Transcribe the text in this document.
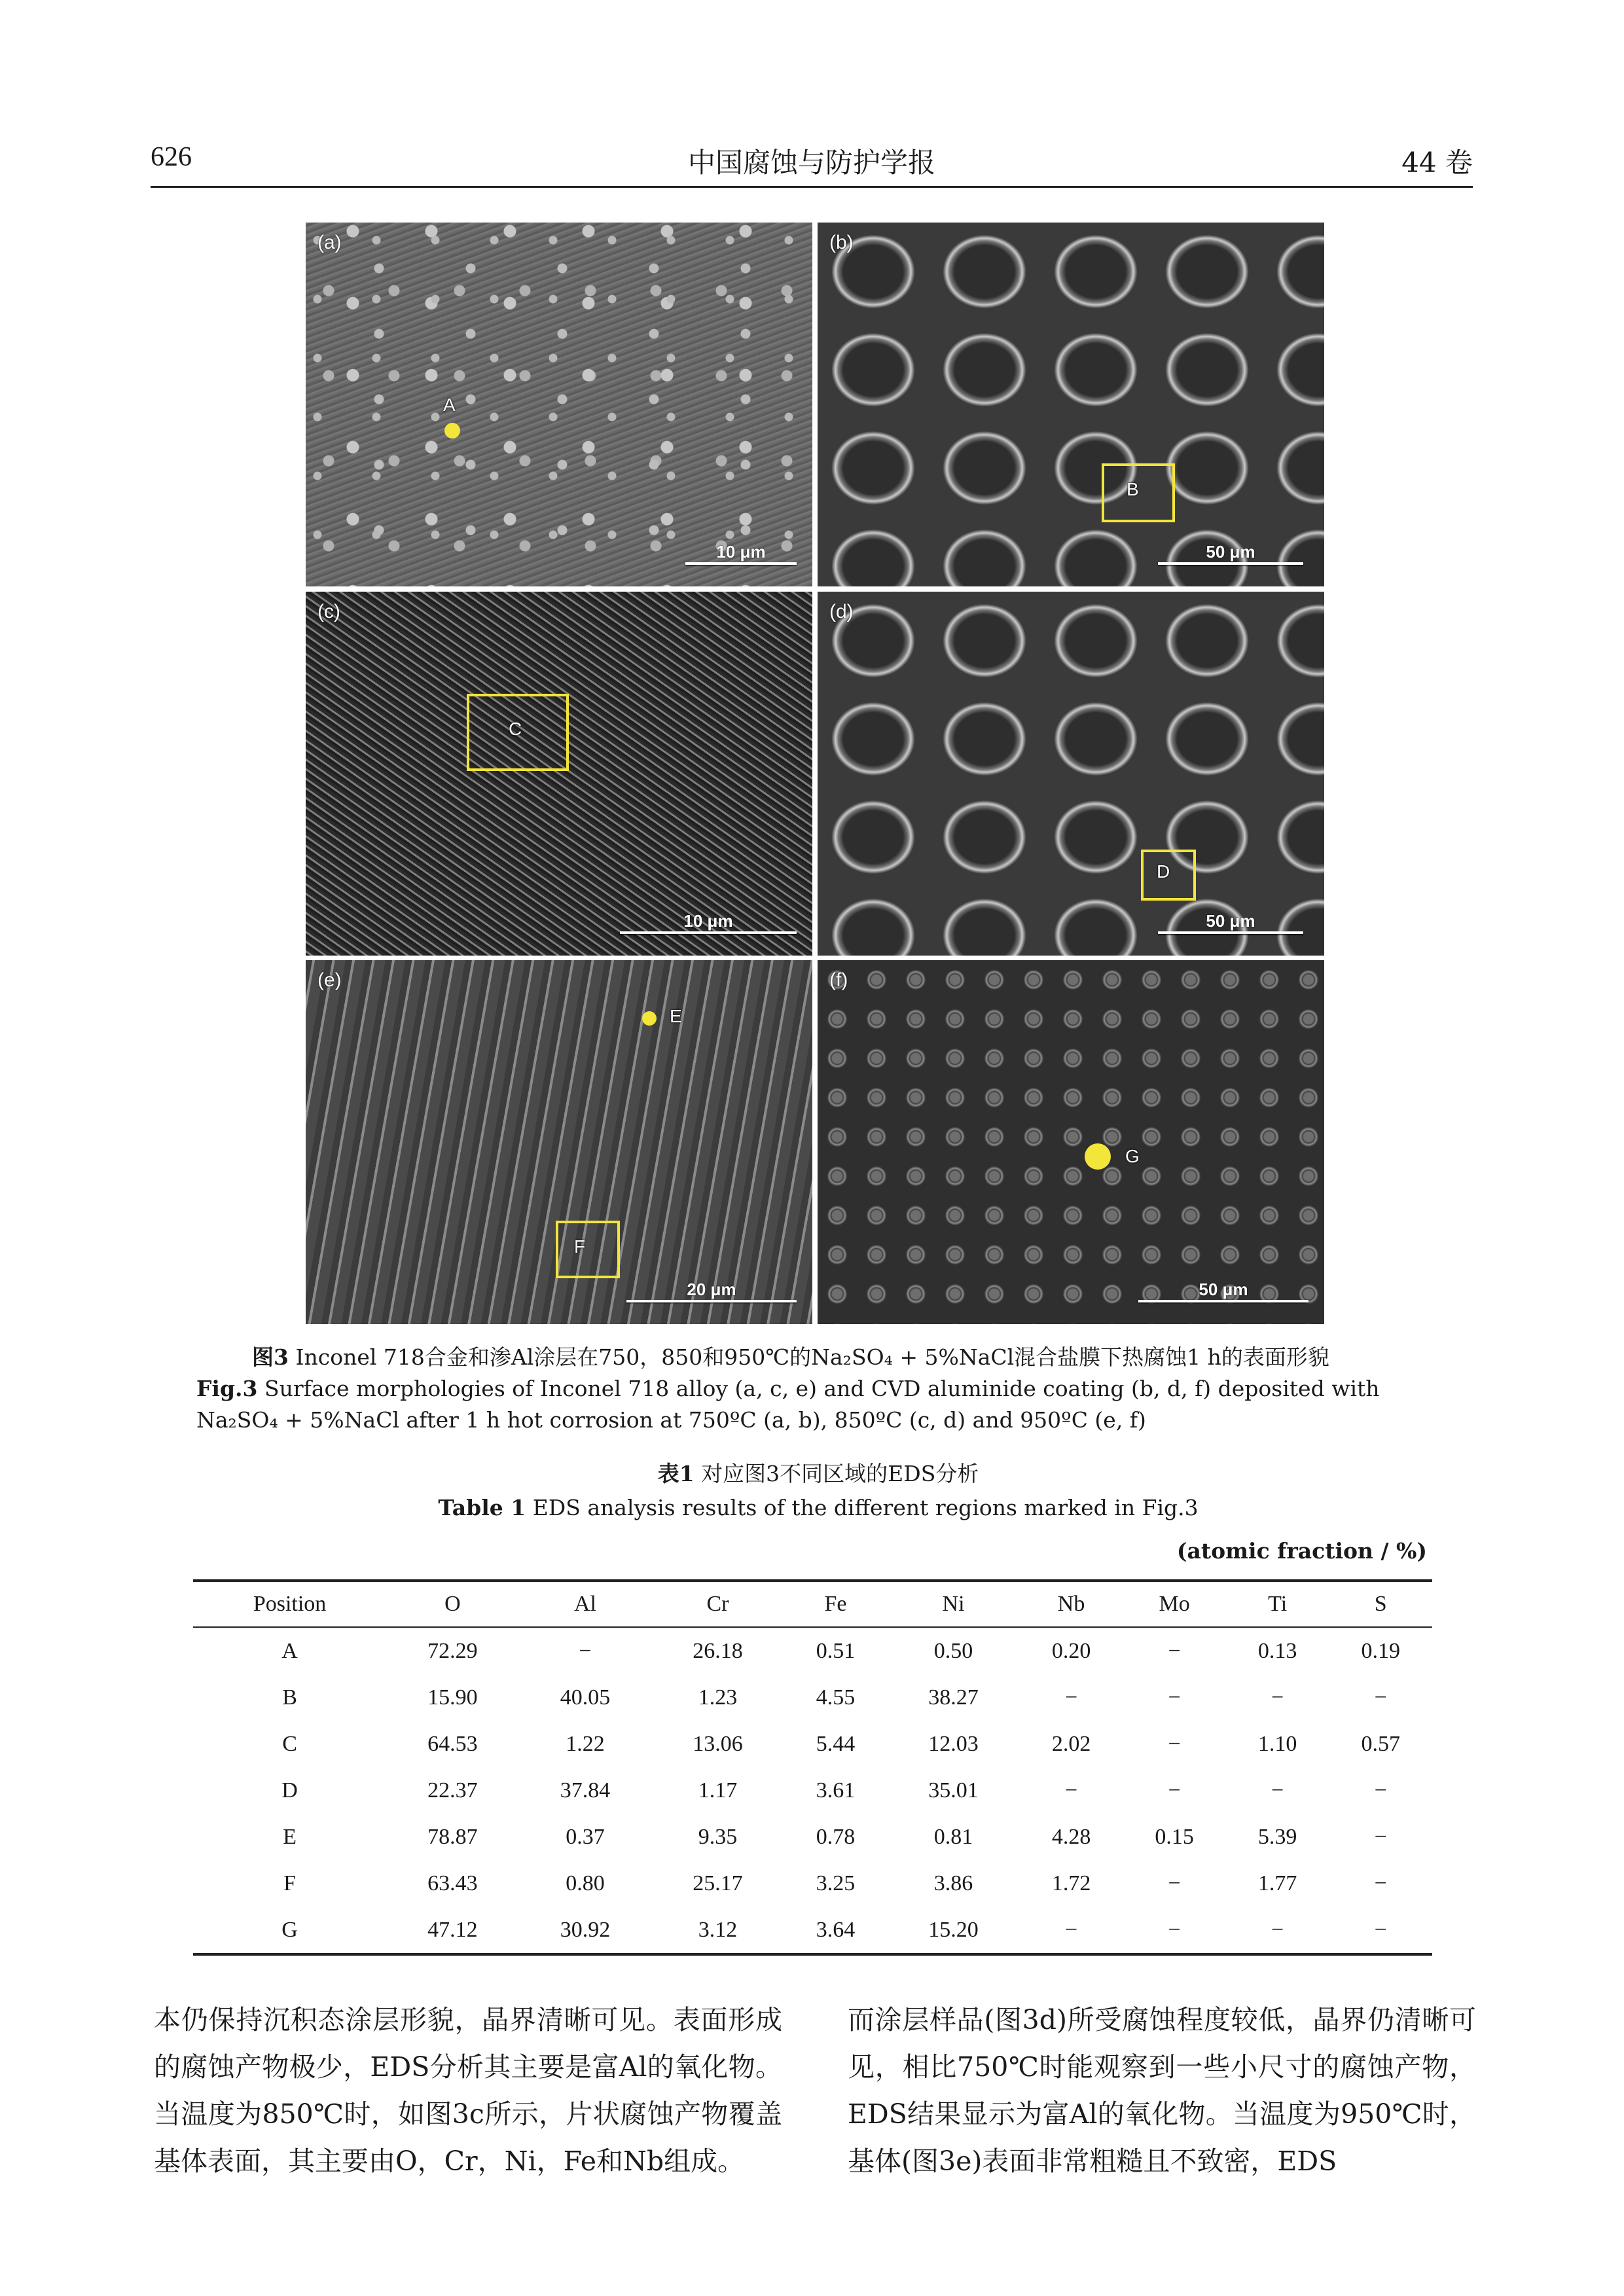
626	中国腐蚀与防护学报	44 卷
(a)
A
10 μm
(b)
B
50 μm
(c)
C
10 μm
(d)
D
50 μm
(e)
E
F
20 μm
(f)
G
50 μm
图3 Inconel 718合金和渗Al涂层在750，850和950℃的Na₂SO₄ + 5%NaCl混合盐膜下热腐蚀1 h的表面形貌
Fig.3 Surface morphologies of Inconel 718 alloy (a, c, e) and CVD aluminide coating (b, d, f) deposited with Na₂SO₄ + 5%NaCl after 1 h hot corrosion at 750ºC (a, b), 850ºC (c, d) and 950ºC (e, f)
表1 对应图3不同区域的EDS分析
Table 1 EDS analysis results of the different regions marked in Fig.3
(atomic fraction / %)
Position	O	Al	Cr	Fe	Ni	Nb	Mo	Ti	S
A	72.29	−	26.18	0.51	0.50	0.20	−	0.13	0.19
B	15.90	40.05	1.23	4.55	38.27	−	−	−	−
C	64.53	1.22	13.06	5.44	12.03	2.02	−	1.10	0.57
D	22.37	37.84	1.17	3.61	35.01	−	−	−	−
E	78.87	0.37	9.35	0.78	0.81	4.28	0.15	5.39	−
F	63.43	0.80	25.17	3.25	3.86	1.72	−	1.77	−
G	47.12	30.92	3.12	3.64	15.20	−	−	−	−
本仍保持沉积态涂层形貌，晶界清晰可见。表面形成的腐蚀产物极少，EDS分析其主要是富Al的氧化物。当温度为850℃时，如图3c所示，片状腐蚀产物覆盖基体表面，其主要由O，Cr，Ni，Fe和Nb组成。
而涂层样品(图3d)所受腐蚀程度较低，晶界仍清晰可见，相比750℃时能观察到一些小尺寸的腐蚀产物，EDS结果显示为富Al的氧化物。当温度为950℃时，基体(图3e)表面非常粗糙且不致密，EDS
